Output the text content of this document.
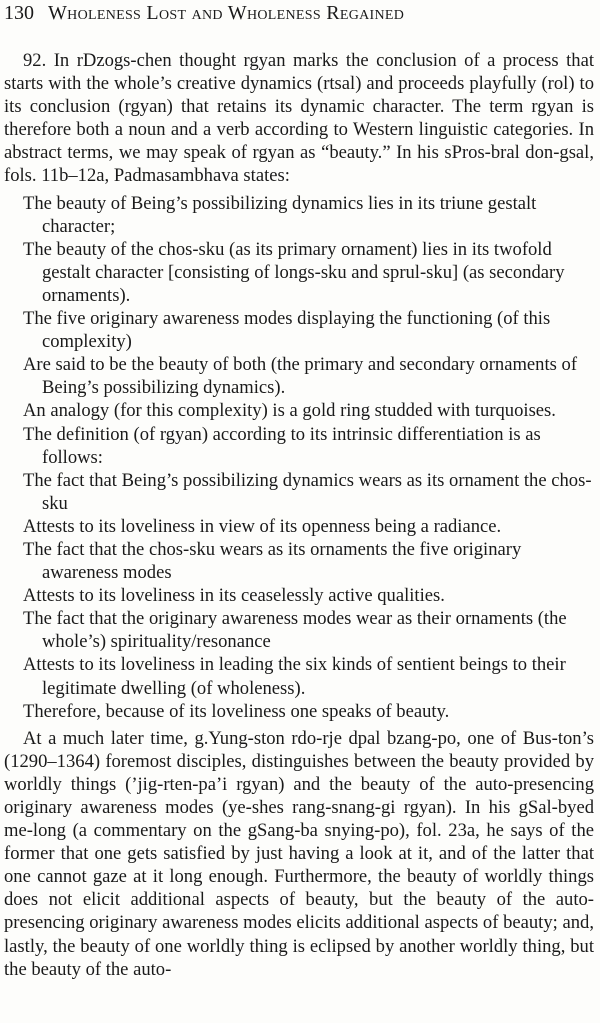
130 Wholeness Lost and Wholeness Regained

92. In rDzogs-chen thought rgyan marks the conclusion of a process that starts with the whole’s creative dynamics (rtsal) and proceeds playfully (rol) to its conclusion (rgyan) that retains its dynamic character. The term rgyan is therefore both a noun and a verb according to Western linguistic categories. In abstract terms, we may speak of rgyan as “beauty.” In his sPros-bral don-gsal, fols. 11b–12a, Padmasambhava states:

The beauty of Being’s possibilizing dynamics lies in its triune gestalt character;
The beauty of the chos-sku (as its primary ornament) lies in its twofold gestalt character [consisting of longs-sku and sprul-sku] (as secondary ornaments).
The five originary awareness modes displaying the functioning (of this complexity)
Are said to be the beauty of both (the primary and secondary ornaments of Being’s possibilizing dynamics).
An analogy (for this complexity) is a gold ring studded with turquoises.
The definition (of rgyan) according to its intrinsic differentiation is as follows:
The fact that Being’s possibilizing dynamics wears as its ornament the chos-sku
Attests to its loveliness in view of its openness being a radiance.
The fact that the chos-sku wears as its ornaments the five originary awareness modes
Attests to its loveliness in its ceaselessly active qualities.
The fact that the originary awareness modes wear as their ornaments (the whole’s) spirituality/resonance
Attests to its loveliness in leading the six kinds of sentient beings to their legitimate dwelling (of wholeness).
Therefore, because of its loveliness one speaks of beauty.

At a much later time, g.Yung-ston rdo-rje dpal bzang-po, one of Bus-ton’s (1290–1364) foremost disciples, distinguishes between the beauty provided by worldly things (’jig-rten-pa’i rgyan) and the beauty of the auto-presencing originary awareness modes (ye-shes rang-snang-gi rgyan). In his gSal-byed me-long (a commentary on the gSang-ba snying-po), fol. 23a, he says of the former that one gets satisfied by just having a look at it, and of the latter that one cannot gaze at it long enough. Furthermore, the beauty of worldly things does not elicit additional aspects of beauty, but the beauty of the auto-presencing originary awareness modes elicits additional aspects of beauty; and, lastly, the beauty of one worldly thing is eclipsed by another worldly thing, but the beauty of the auto-
